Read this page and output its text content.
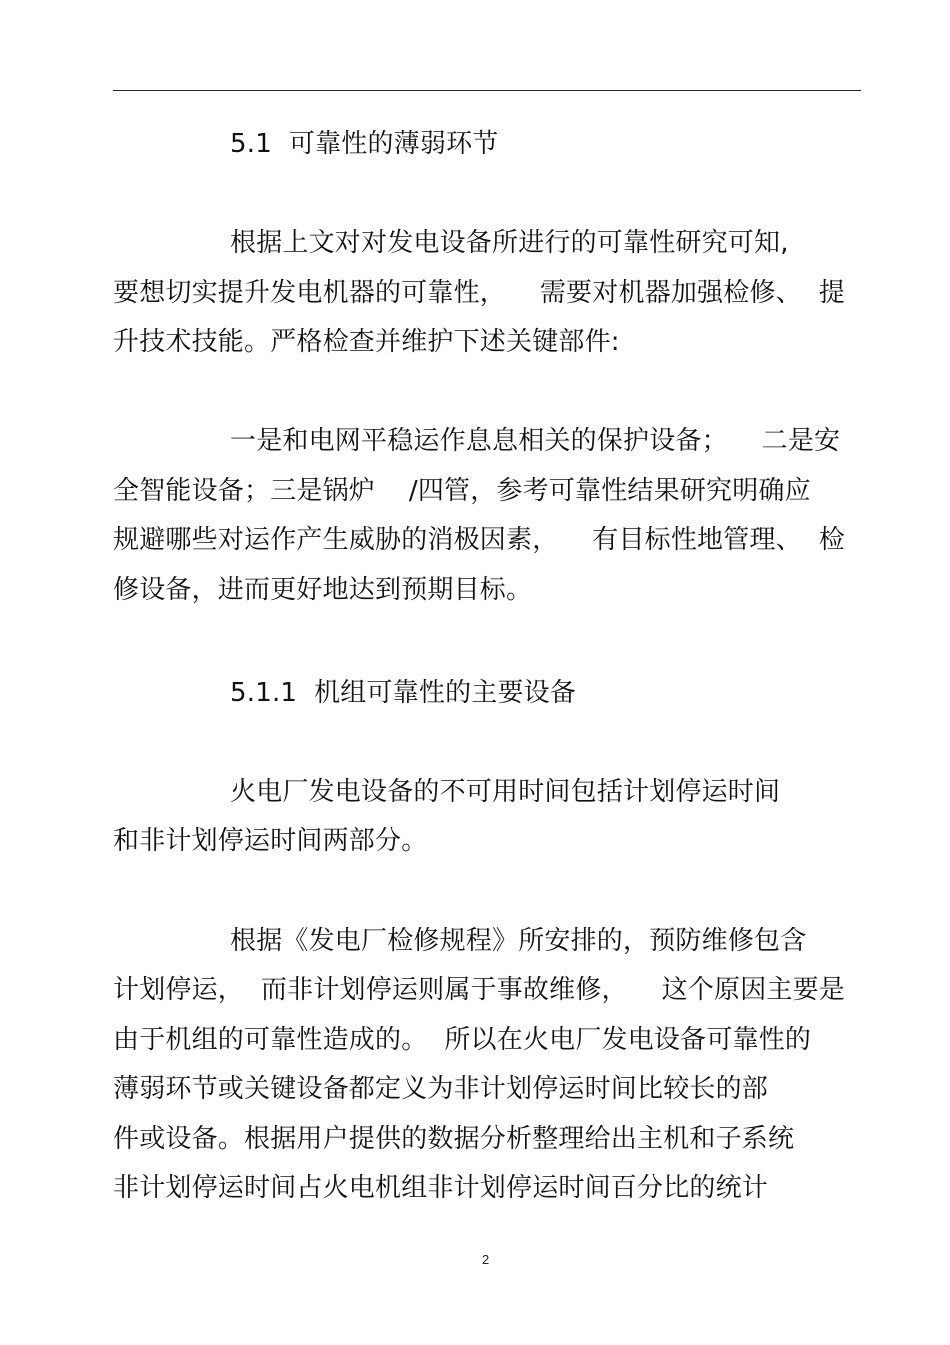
5.1  可靠性的薄弱环节
根据上文对对发电设备所进行的可靠性研究可知,
要想切实提升发电机器的可靠性，    需要对机器加强检修、  提
升技术技能。严格检查并维护下述关键部件:
一是和电网平稳运作息息相关的保护设备；    二是安
全智能设备；三是锅炉    /四管，参考可靠性结果研究明确应
规避哪些对运作产生威胁的消极因素，    有目标性地管理、  检
修设备，进而更好地达到预期目标。
5.1.1  机组可靠性的主要设备
火电厂发电设备的不可用时间包括计划停运时间
和非计划停运时间两部分。
根据《发电厂检修规程》所安排的，预防维修包含
计划停运，  而非计划停运则属于事故维修，    这个原因主要是
由于机组的可靠性造成的。  所以在火电厂发电设备可靠性的
薄弱环节或关键设备都定义为非计划停运时间比较长的部
件或设备。根据用户提供的数据分析整理给出主机和子系统
非计划停运时间占火电机组非计划停运时间百分比的统计
2
